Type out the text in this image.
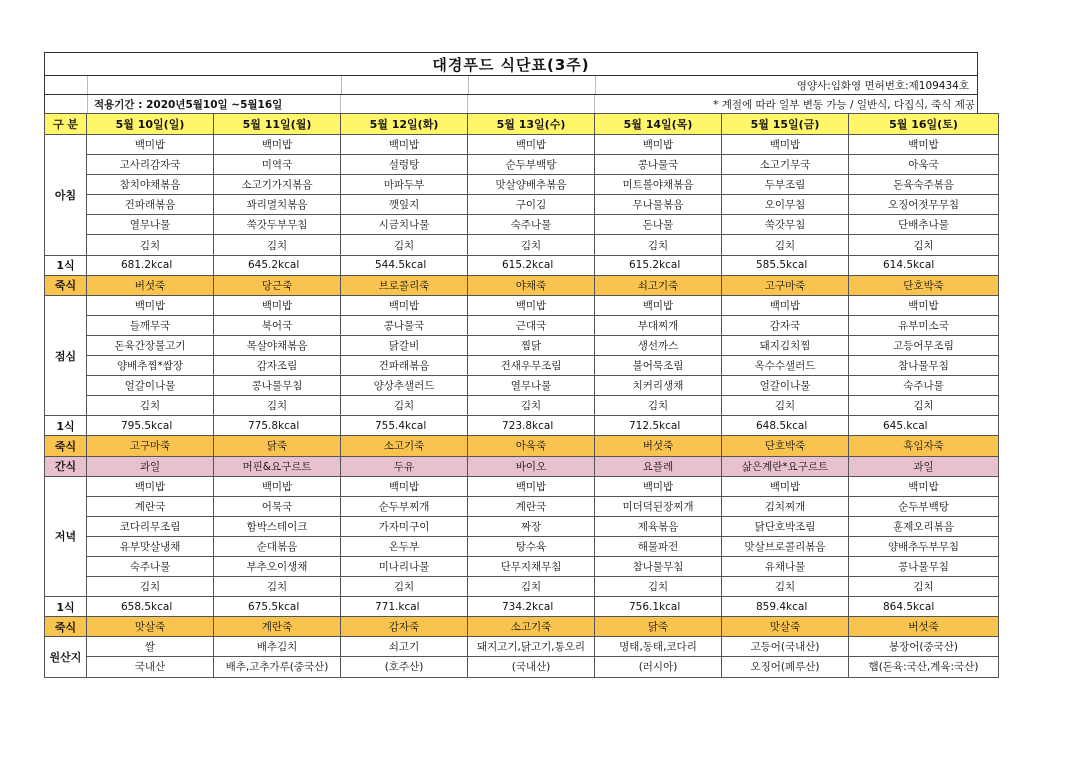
대경푸드 식단표(3주)
영양사:임화영 면허번호:제109434호
적용기간 : 2020년5월10일 ~5월16일	* 계절에 따라 일부 변동 가능 / 일반식, 다집식, 죽식 제공
구 분	5월 10일(일)	5월 11일(월)	5월 12일(화)	5월 13일(수)	5월 14일(목)	5월 15일(금)	5월 16일(토)
아침	백미밥	백미밥	백미밥	백미밥	백미밥	백미밥	백미밥
	고사리감자국	미역국	설렁탕	순두부백탕	콩나물국	소고기무국	아욱국
	참치야채볶음	소고기가지볶음	마파두부	맛살양배추볶음	미트볼야채볶음	두부조림	돈육숙주볶음
	건파래볶음	꽈리멸치볶음	깻잎지	구이김	무나물볶음	오이무침	오징어젓무무침
	열무나물	쑥갓두부무침	시금치나물	숙주나물	돈나물	쑥갓무침	단배추나물
	김치	김치	김치	김치	김치	김치	김치
1식	681.2kcal	645.2kcal	544.5kcal	615.2kcal	615.2kcal	585.5kcal	614.5kcal
죽식	버섯죽	당근죽	브로콜리죽	야채죽	쇠고기죽	고구마죽	단호박죽
점심	백미밥	백미밥	백미밥	백미밥	백미밥	백미밥	백미밥
	들깨무국	북어국	콩나물국	근대국	부대찌개	감자국	유부미소국
	돈육간장불고기	목살야채볶음	닭갈비	찜닭	생선까스	돼지김치찜	고등어무조림
	양배추찜*쌈장	감자조림	건파래볶음	건새우무조림	불어묵조림	옥수수샐러드	참나물무침
	얼갈이나물	콩나물무침	양상추샐러드	열무나물	치커리생채	얼갈이나물	숙주나물
	김치	김치	김치	김치	김치	김치	김치
1식	795.5kcal	775.8kcal	755.4kcal	723.8kcal	712.5kcal	648.5kcal	645.kcal
죽식	고구마죽	닭죽	소고기죽	아욱죽	버섯죽	단호박죽	흑임자죽
간식	과일	머핀&요구르트	두유	바이오	요플레	삶은계란*요구르트	과일
저녁	백미밥	백미밥	백미밥	백미밥	백미밥	백미밥	백미밥
	계란국	어묵국	순두부찌개	계란국	미더덕된장찌개	김치찌개	순두부백탕
	코다리무조림	함박스테이크	가자미구이	짜장	제육볶음	닭단호박조림	훈제오리볶음
	유부맛살냉채	순대볶음	온두부	탕수육	해물파전	맛살브로콜리볶음	양배추두부무침
	숙주나물	부추오이생채	미나리나물	단무지채무침	참나물무침	유채나물	콩나물무침
	김치	김치	김치	김치	김치	김치	김치
1식	658.5kcal	675.5kcal	771.kcal	734.2kcal	756.1kcal	859.4kcal	864.5kcal
죽식	맛살죽	계란죽	감자죽	소고기죽	닭죽	맛살죽	버섯죽
원산지	쌀	배추김치	쇠고기	돼지고기,닭고기,통오리	명태,동태,코다리	고등어(국내산)	봉장어(중국산)
	국내산	배추,고추가루(중국산)	(호주산)	(국내산)	(러시아)	오징어(페루산)	햄(돈육:국산,계육:국산)
